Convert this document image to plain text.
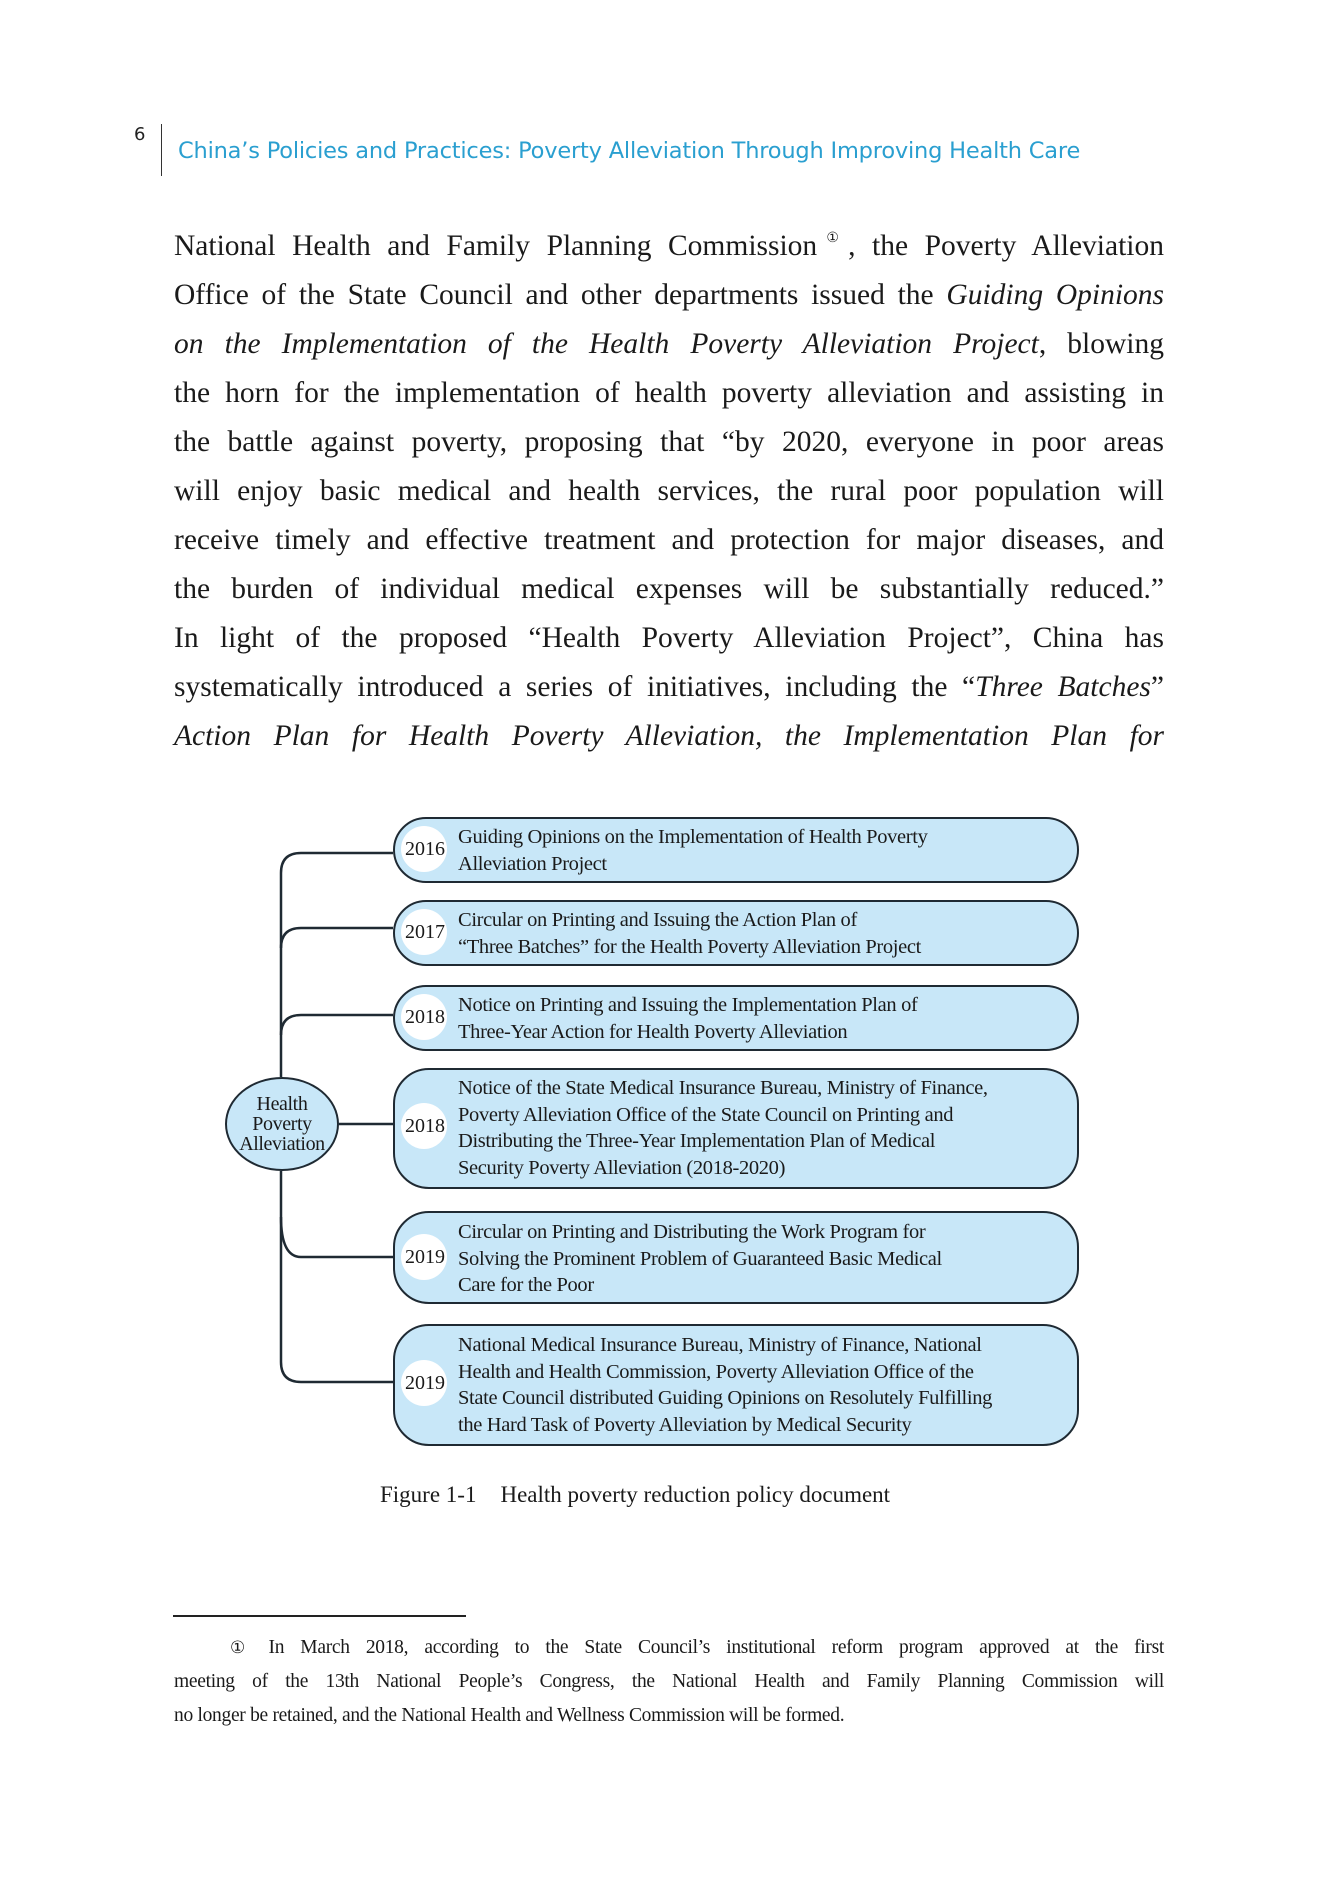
6
China’s Policies and Practices: Poverty Alleviation Through Improving Health Care
National Health and Family Planning Commission①, the Poverty Alleviation
Office of the State Council and other departments issued the Guiding Opinions
on the Implementation of the Health Poverty Alleviation Project, blowing
the horn for the implementation of health poverty alleviation and assisting in
the battle against poverty, proposing that “by 2020, everyone in poor areas
will enjoy basic medical and health services, the rural poor population will
receive timely and effective treatment and protection for major diseases, and
the burden of individual medical expenses will be substantially reduced.”
In light of the proposed “Health Poverty Alleviation Project”, China has
systematically introduced a series of initiatives, including the “Three Batches”
Action Plan for Health Poverty Alleviation, the Implementation Plan for
Health
Poverty
Alleviation
2016
Guiding Opinions on the Implementation of Health Poverty
Alleviation Project
2017
Circular on Printing and Issuing the Action Plan of
“Three Batches” for the Health Poverty Alleviation Project
2018
Notice on Printing and Issuing the Implementation Plan of
Three-Year Action for Health Poverty Alleviation
2018
Notice of the State Medical Insurance Bureau, Ministry of Finance,
Poverty Alleviation Office of the State Council on Printing and
Distributing the Three-Year Implementation Plan of Medical
Security Poverty Alleviation (2018-2020)
2019
Circular on Printing and Distributing the Work Program for
Solving the Prominent Problem of Guaranteed Basic Medical
Care for the Poor
2019
National Medical Insurance Bureau, Ministry of Finance, National
Health and Health Commission, Poverty Alleviation Office of the
State Council distributed Guiding Opinions on Resolutely Fulfilling
the Hard Task of Poverty Alleviation by Medical Security
Figure 1-1 Health poverty reduction policy document
① In March 2018, according to the State Council’s institutional reform program approved at the first
meeting of the 13th National People’s Congress, the National Health and Family Planning Commission will
no longer be retained, and the National Health and Wellness Commission will be formed.
